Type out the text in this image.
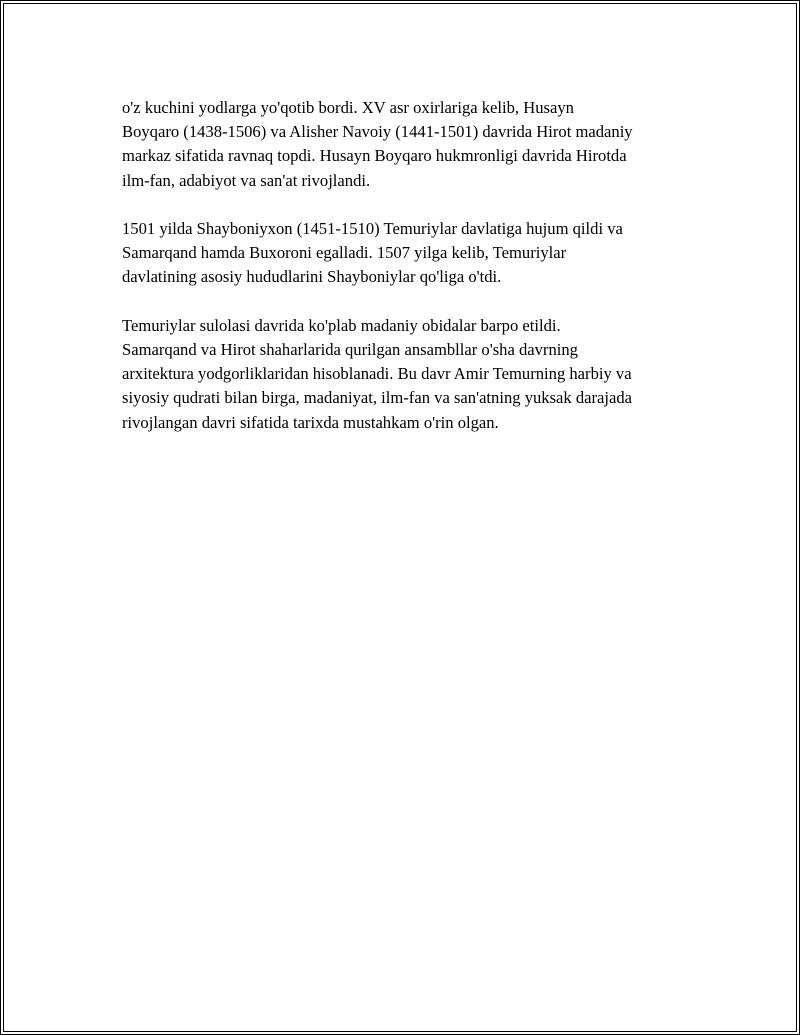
o'z kuchini yodlarga yo'qotib bordi. XV asr oxirlariga kelib, Husayn
Boyqaro (1438-1506) va Alisher Navoiy (1441-1501) davrida Hirot madaniy
markaz sifatida ravnaq topdi. Husayn Boyqaro hukmronligi davrida Hirotda
ilm-fan, adabiyot va san'at rivojlandi.

1501 yilda Shayboniyxon (1451-1510) Temuriylar davlatiga hujum qildi va
Samarqand hamda Buxoroni egalladi. 1507 yilga kelib, Temuriylar
davlatining asosiy hududlarini Shayboniylar qo'liga o'tdi.

Temuriylar sulolasi davrida ko'plab madaniy obidalar barpo etildi.
Samarqand va Hirot shaharlarida qurilgan ansambllar o'sha davrning
arxitektura yodgorliklaridan hisoblanadi. Bu davr Amir Temurning harbiy va
siyosiy qudrati bilan birga, madaniyat, ilm-fan va san'atning yuksak darajada
rivojlangan davri sifatida tarixda mustahkam o'rin olgan.
